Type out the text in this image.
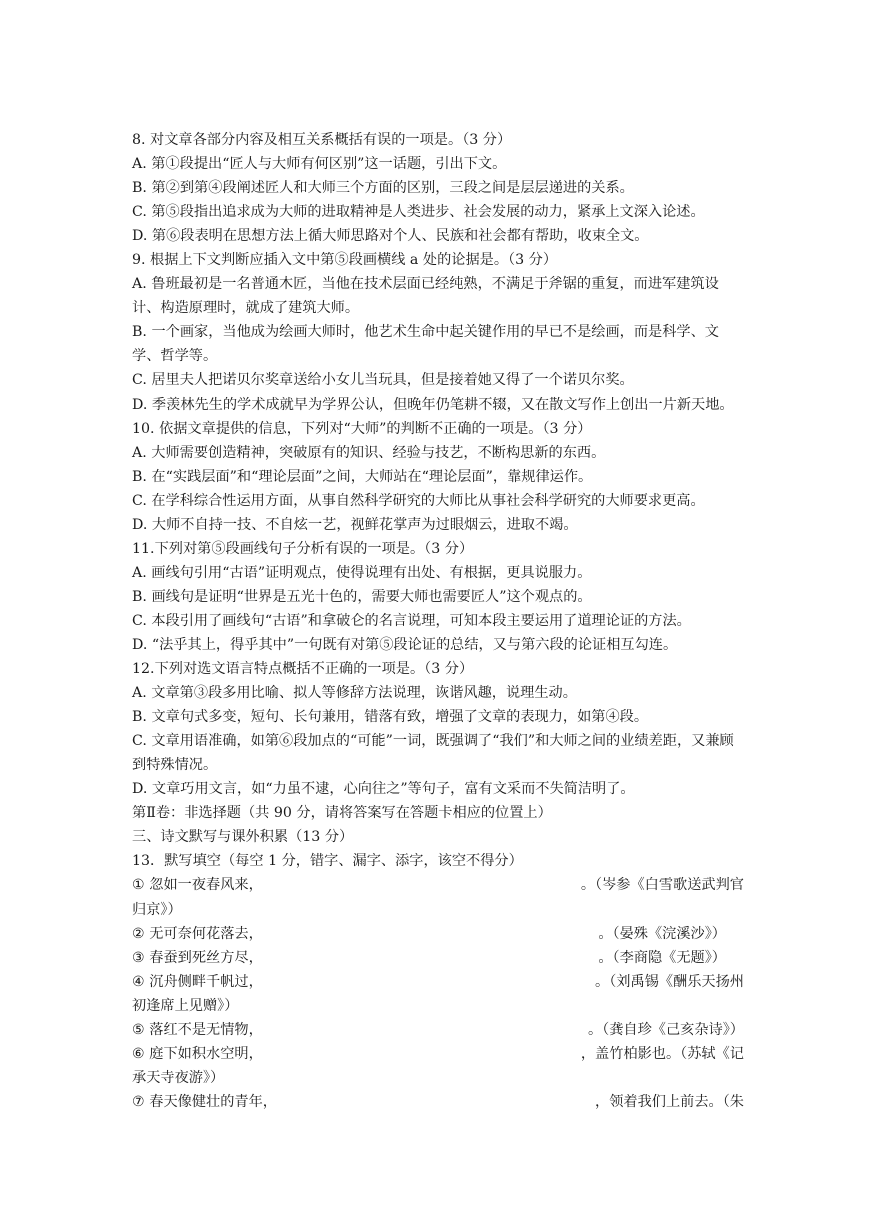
8. 对文章各部分内容及相互关系概括有误的一项是。（3 分）
A. 第①段提出“匠人与大师有何区别”这一话题，引出下文。
B. 第②到第④段阐述匠人和大师三个方面的区别，三段之间是层层递进的关系。
C. 第⑤段指出追求成为大师的进取精神是人类进步、社会发展的动力，紧承上文深入论述。
D. 第⑥段表明在思想方法上循大师思路对个人、民族和社会都有帮助，收束全文。
9. 根据上下文判断应插入文中第⑤段画横线 a 处的论据是。（3 分）
A. 鲁班最初是一名普通木匠，当他在技术层面已经纯熟，不满足于斧锯的重复，而进军建筑设计、构造原理时，就成了建筑大师。
B. 一个画家，当他成为绘画大师时，他艺术生命中起关键作用的早已不是绘画，而是科学、文学、哲学等。
C. 居里夫人把诺贝尔奖章送给小女儿当玩具，但是接着她又得了一个诺贝尔奖。
D. 季羡林先生的学术成就早为学界公认，但晚年仍笔耕不辍，又在散文写作上创出一片新天地。
10. 依据文章提供的信息，下列对“大师”的判断不正确的一项是。（3 分）
A. 大师需要创造精神，突破原有的知识、经验与技艺，不断构思新的东西。
B. 在“实践层面”和“理论层面”之间，大师站在“理论层面”，靠规律运作。
C. 在学科综合性运用方面，从事自然科学研究的大师比从事社会科学研究的大师要求更高。
D. 大师不自持一技、不自炫一艺，视鲜花掌声为过眼烟云，进取不竭。
11.下列对第⑤段画线句子分析有误的一项是。（3 分）
A. 画线句引用“古语”证明观点，使得说理有出处、有根据，更具说服力。
B. 画线句是证明“世界是五光十色的，需要大师也需要匠人”这个观点的。
C. 本段引用了画线句“古语”和拿破仑的名言说理，可知本段主要运用了道理论证的方法。
D. “法乎其上，得乎其中”一句既有对第⑤段论证的总结，又与第六段的论证相互勾连。
12.下列对选文语言特点概括不正确的一项是。（3 分）
A. 文章第③段多用比喻、拟人等修辞方法说理，诙谐风趣，说理生动。
B. 文章句式多变，短句、长句兼用，错落有致，增强了文章的表现力，如第④段。
C. 文章用语准确，如第⑥段加点的“可能”一词，既强调了“我们”和大师之间的业绩差距，又兼顾到特殊情况。
D. 文章巧用文言，如“力虽不逮，心向往之”等句子，富有文采而不失简洁明了。
第Ⅱ卷：非选择题（共 90 分，请将答案写在答题卡相应的位置上）
三、诗文默写与课外积累（13 分）
13．默写填空（每空 1 分，错字、漏字、添字，该空不得分）
①
忽如一夜春风来，	。（岑参《白雪歌送武判官
归京》）
②
无可奈何花落去，	。（晏殊《浣溪沙》）
③
春蚕到死丝方尽，	。（李商隐《无题》）
④
沉舟侧畔千帆过，	。（刘禹锡《酬乐天扬州
初逢席上见赠》）
⑤
落红不是无情物，	。（龚自珍《己亥杂诗》）
⑥
庭下如积水空明，	，盖竹柏影也。（苏轼《记
承天寺夜游》）
⑦
春天像健壮的青年，	，领着我们上前去。（朱
